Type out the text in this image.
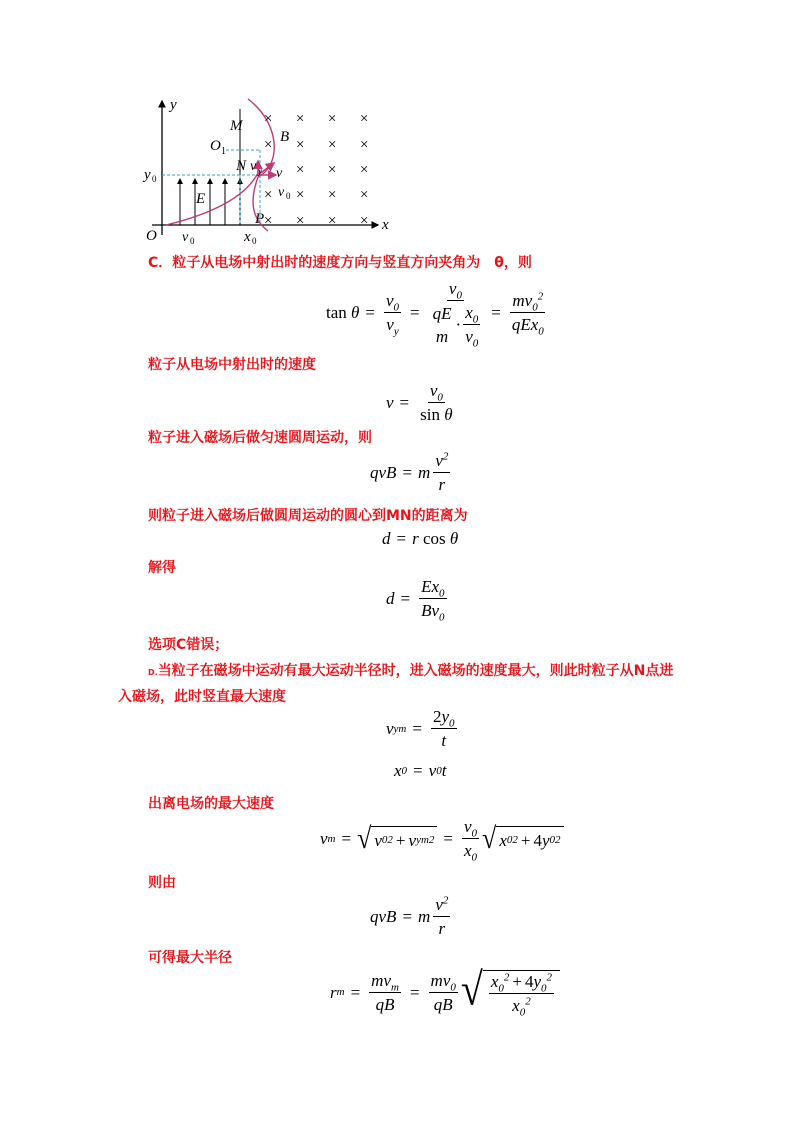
× × × ×
× × × ×
× × ×
× × × ×
× × × ×
y
x
O
M
B
O 1
N v y v
v 0
E
P
y 0
v 0	x 0
C．粒子从电场中射出时的速度方向与竖直方向夹角为　θ，则
$\tan \theta = \frac{v_0}{v_y} = v_0$
qE
m
· $\frac{x_0}{v_0} = \frac{mv_0^2}{qEx_0}$
粒子从电场中射出时的速度
$v = \frac{v_0}{\text{sin θ}}$
粒子进入磁场后做匀速圆周运动，则
qvB = m $\frac{v^2}{r}$
则粒子进入磁场后做圆周运动的圆心到MN的距离为
d = r cos θ
解得
$d = \frac{Ex_0}{Bv_0}$
选项C错误；
D.当粒子在磁场中运动有最大运动半径时，进入磁场的速度最大，则此时粒子从N点进
入磁场，此时竖直最大速度
v ym = $\frac{2y_0}{t}$
x 0 = v 0 t
出离电场的最大速度
v m = √ v 0 2 + v ym $2 = \frac{v_0}{x_0}$ √ x 0 2 + 4 y 0 2
则由
qvB = m $\frac{v^2}{r}$
可得最大半径
r $m = \frac{mv_m}{qB} = \frac{mv_0}{qB}$ √ $\frac{x_0^2 + 4y_0^2}{x_0^2}$
